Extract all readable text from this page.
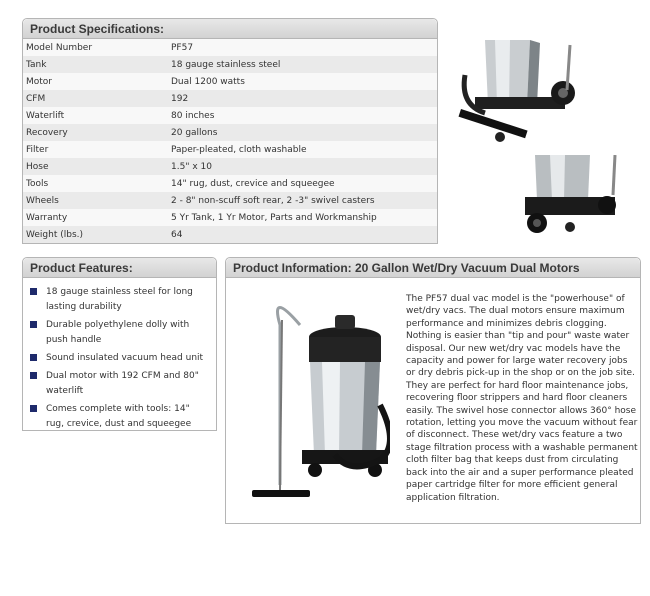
Product Specifications:
Model Number	PF57
Tank	18 gauge stainless steel
Motor	Dual 1200 watts
CFM	192
Waterlift	80 inches
Recovery	20 gallons
Filter	Paper-pleated, cloth washable
Hose	1.5" x 10
Tools	14" rug, dust, crevice and squeegee
Wheels	2 - 8" non-scuff soft rear, 2 -3" swivel casters
Warranty	5 Yr Tank, 1 Yr Motor, Parts and Workmanship
Weight (lbs.)	64
Product Features:
18 gauge stainless steel for long lasting durability
Durable polyethylene dolly with push handle
Sound insulated vacuum head unit
Dual motor with 192 CFM and 80" waterlift
Comes complete with tools: 14" rug, crevice, dust and squeegee
Product Information: 20 Gallon Wet/Dry Vacuum Dual Motors
The PF57 dual vac model is the "powerhouse" of wet/dry vacs. The dual motors ensure maximum performance and minimizes debris clogging. Nothing is easier than "tip and pour" waste water disposal. Our new wet/dry vac models have the capacity and power for large water recovery jobs or dry debris pick-up in the shop or on the job site. They are perfect for hard floor maintenance jobs, recovering floor strippers and hard floor cleaners easily. The swivel hose connector allows 360° hose rotation, letting you move the vacuum without fear of disconnect. These wet/dry vacs feature a two stage filtration process with a washable permanent cloth filter bag that keeps dust from circulating back into the air and a super performance pleated paper cartridge filter for more efficient general application filtration.
